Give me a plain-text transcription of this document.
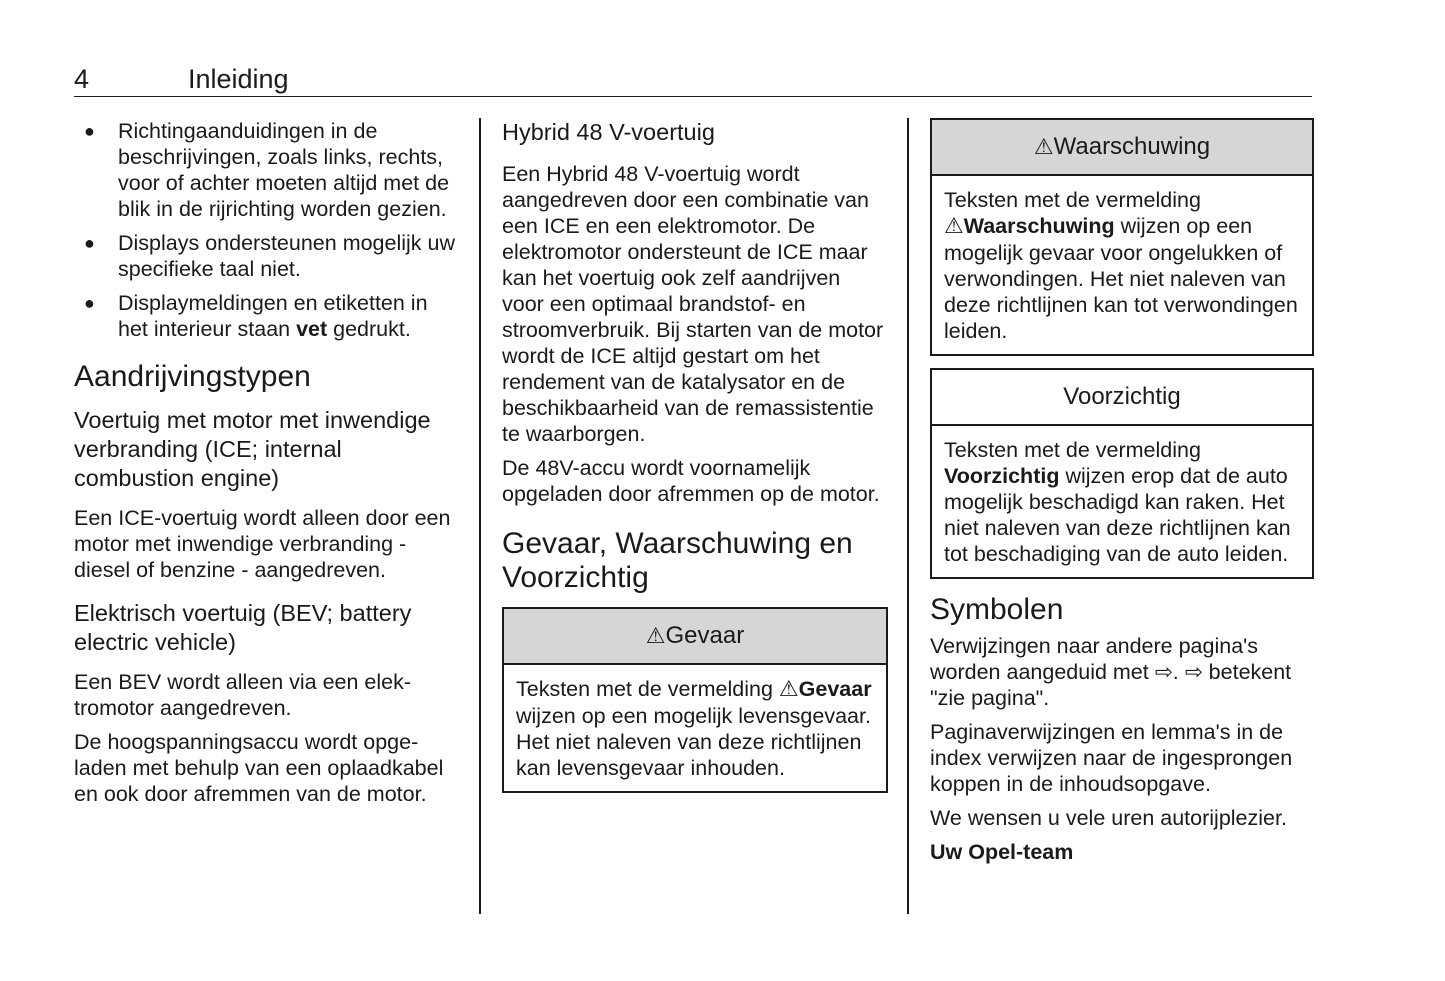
4	Inleiding
● Richtingaanduidingen in de beschrijvingen, zoals links, rechts, voor of achter moeten altijd met de blik in de rijrichting worden gezien.
● Displays ondersteunen mogelijk uw specifieke taal niet.
● Displaymeldingen en etiketten in het interieur staan vet gedrukt.
Aandrijvingstypen
Voertuig met motor met inwendige verbranding (ICE; internal combustion engine)

Een ICE-voertuig wordt alleen door een motor met inwendige verbranding - diesel of benzine - aangedreven.

Elektrisch voertuig (BEV; battery electric vehicle)

Een BEV wordt alleen via een elektromotor aangedreven.

De hoogspanningsaccu wordt opgeladen met behulp van een oplaadkabel en ook door afremmen van de motor.

Hybrid 48 V-voertuig

Een Hybrid 48 V-voertuig wordt aangedreven door een combinatie van een ICE en een elektromotor. De elektromotor ondersteunt de ICE maar kan het voertuig ook zelf aandrijven voor een optimaal brandstof- en stroomverbruik. Bij starten van de motor wordt de ICE altijd gestart om het rendement van de katalysator en de beschikbaarheid van de remassistentie te waarborgen.

De 48V-accu wordt voornamelijk opgeladen door afremmen op de motor.

Gevaar, Waarschuwing en Voorzichtig
⚠Gevaar

Teksten met de vermelding ⚠Gevaar wijzen op een mogelijk levensgevaar. Het niet naleven van deze richtlijnen kan levensgevaar inhouden.

⚠Waarschuwing

Teksten met de vermelding ⚠Waarschuwing wijzen op een mogelijk gevaar voor ongelukken of verwondingen. Het niet naleven van deze richtlijnen kan tot verwondingen leiden.

Voorzichtig

Teksten met de vermelding Voorzichtig wijzen erop dat de auto mogelijk beschadigd kan raken. Het niet naleven van deze richtlijnen kan tot beschadiging van de auto leiden.

Symbolen

Verwijzingen naar andere pagina's worden aangeduid met ⇨. ⇨ betekent "zie pagina".

Paginaverwijzingen en lemma's in de index verwijzen naar de ingesprongen koppen in de inhoudsopgave.

We wensen u vele uren autorijplezier.

Uw Opel-team
